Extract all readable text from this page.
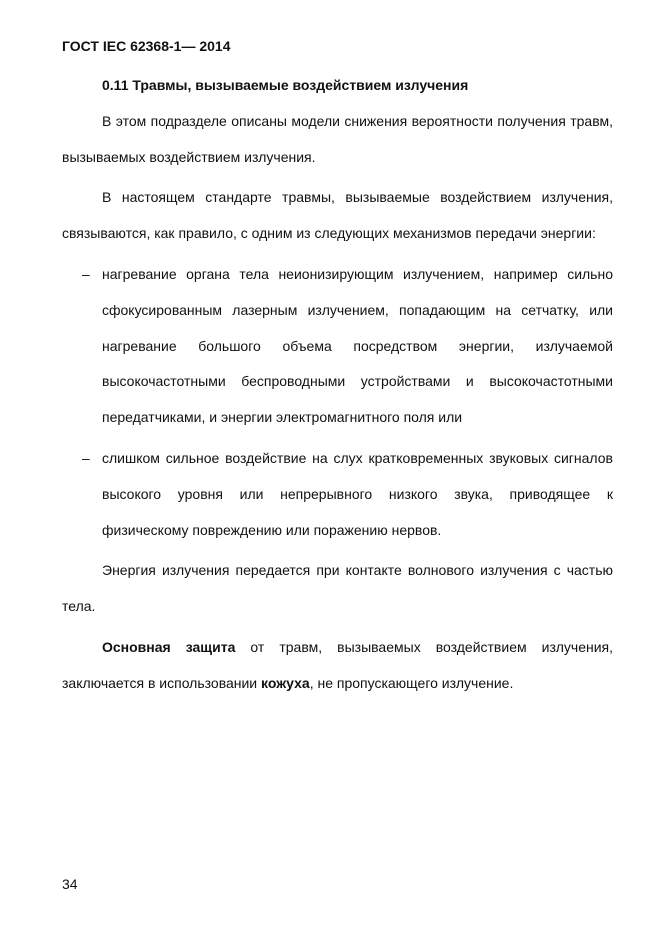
ГОСТ IEC 62368-1― 2014

0.11 Травмы, вызываемые воздействием излучения

В этом подразделе описаны модели снижения вероятности получения травм, вызываемых воздействием излучения.

В настоящем стандарте травмы, вызываемые воздействием излучения, связываются, как правило, с одним из следующих механизмов передачи энергии:

– нагревание органа тела неионизирующим излучением, например сильно сфокусированным лазерным излучением, попадающим на сетчатку, или нагревание большого объема посредством энергии, излучаемой высокочастотными беспроводными устройствами и высокочастотными передатчиками, и энергии электромагнитного поля или
– слишком сильное воздействие на слух кратковременных звуковых сигналов высокого уровня или непрерывного низкого звука, приводящее к физическому повреждению или поражению нервов.

Энергия излучения передается при контакте волнового излучения с частью тела.

Основная защита от травм, вызываемых воздействием излучения, заключается в использовании кожуха, не пропускающего излучение.

34
